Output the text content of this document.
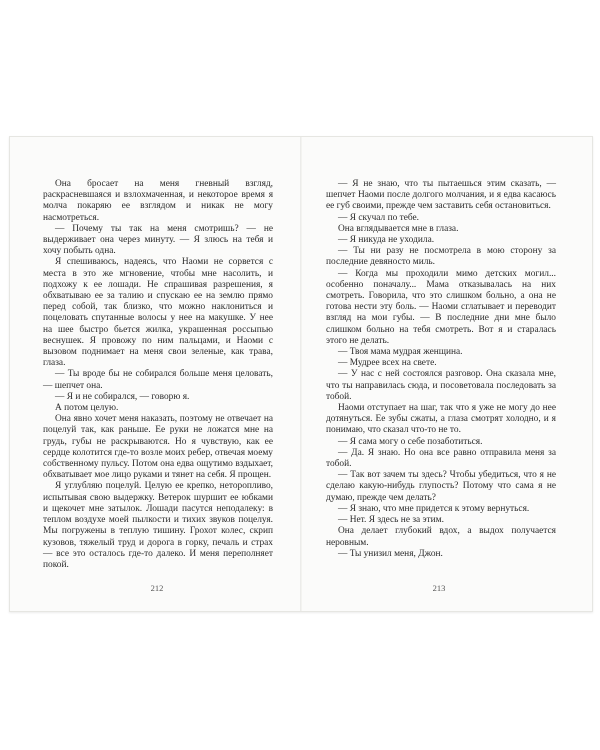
Она бросает на меня гневный взгляд, раскрасневшаяся и взлохмаченная, и некоторое время я молча покаряю ее взглядом и никак не могу насмотреться.

— Почему ты так на меня смотришь? — не выдерживает она через минуту. — Я злюсь на тебя и хочу побыть одна.

Я спешиваюсь, надеясь, что Наоми не сорвется с места в это же мгновение, чтобы мне насолить, и подхожу к ее лошади. Не спрашивая разрешения, я обхватываю ее за талию и спускаю ее на землю прямо перед собой, так близко, что можно наклониться и поцеловать спутанные волосы у нее на макушке. У нее на шее быстро бьется жилка, украшенная россыпью веснушек. Я провожу по ним пальцами, и Наоми с вызовом поднимает на меня свои зеленые, как трава, глаза.

— Ты вроде бы не собирался больше меня целовать, — шепчет она.

— Я и не собирался, — говорю я.

А потом целую.

Она явно хочет меня наказать, поэтому не отвечает на поцелуй так, как раньше. Ее руки не ложатся мне на грудь, губы не раскрываются. Но я чувствую, как ее сердце колотится где-то возле моих ребер, отвечая моему собственному пульсу. Потом она едва ощутимо вздыхает, обхватывает мое лицо руками и тянет на себя. Я прощен.

Я углубляю поцелуй. Целую ее крепко, неторопливо, испытывая свою выдержку. Ветерок шуршит ее юбками и щекочет мне затылок. Лошади пасутся неподалеку: в теплом воздухе моей пылкости и тихих звуков поцелуя. Мы погружены в теплую тишину. Грохот колес, скрип кузовов, тяжелый труд и дорога в горку, печаль и страх — все это осталось где-то далеко. И меня переполняет покой.

212

— Я не знаю, что ты пытаешься этим сказать, — шепчет Наоми после долгого молчания, и я едва касаюсь ее губ своими, прежде чем заставить себя остановиться.

— Я скучал по тебе.

Она вглядывается мне в глаза.

— Я никуда не уходила.

— Ты ни разу не посмотрела в мою сторону за последние девяносто миль.

— Когда мы проходили мимо детских могил... особенно поначалу... Мама отказывалась на них смотреть. Говорила, что это слишком больно, а она не готова нести эту боль. — Наоми сглатывает и переводит взгляд на мои губы. — В последние дни мне было слишком больно на тебя смотреть. Вот я и старалась этого не делать.

— Твоя мама мудрая женщина.

— Мудрее всех на свете.

— У нас с ней состоялся разговор. Она сказала мне, что ты направилась сюда, и посоветовала последовать за тобой.

Наоми отступает на шаг, так что я уже не могу до нее дотянуться. Ее зубы сжаты, а глаза смотрят холодно, и я понимаю, что сказал что-то не то.

— Я сама могу о себе позаботиться.

— Да. Я знаю. Но она все равно отправила меня за тобой.

— Так вот зачем ты здесь? Чтобы убедиться, что я не сделаю какую-нибудь глупость? Потому что сама я не думаю, прежде чем делать?

— Я знаю, что мне придется к этому вернуться.

— Нет. Я здесь не за этим.

Она делает глубокий вдох, а выдох получается неровным.

— Ты унизил меня, Джон.

213
